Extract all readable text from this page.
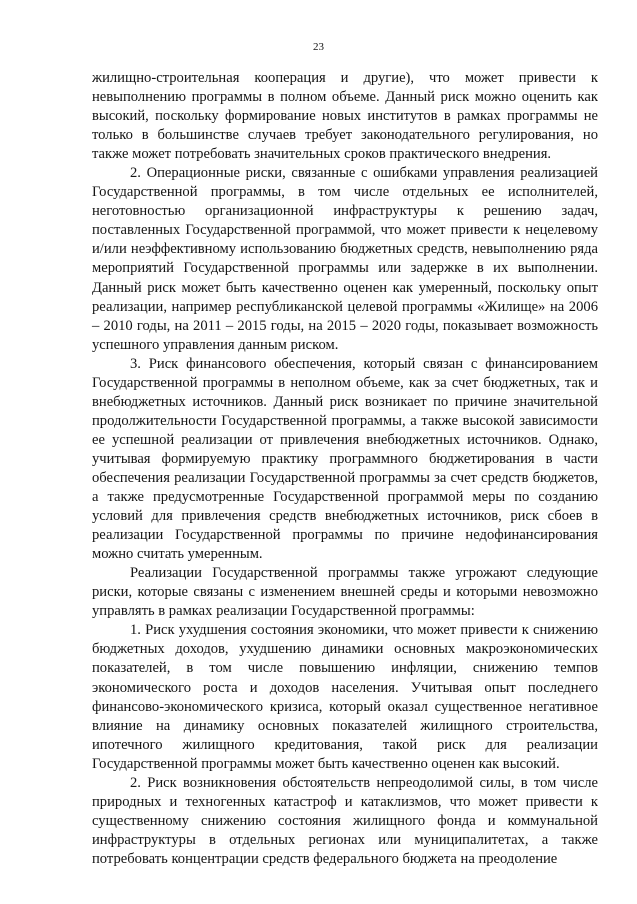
23

жилищно-строительная кооперация и другие), что может привести к невыполнению программы в полном объеме. Данный риск можно оценить как высокий, поскольку формирование новых институтов в рамках программы не только в большинстве случаев требует законодательного регулирования, но также может потребовать значительных сроков практического внедрения.

2. Операционные риски, связанные с ошибками управления реализацией Государственной программы, в том числе отдельных ее исполнителей, неготовностью организационной инфраструктуры к решению задач, поставленных Государственной программой, что может привести к нецелевому и/или неэффективному использованию бюджетных средств, невыполнению ряда мероприятий Государственной программы или задержке в их выполнении. Данный риск может быть качественно оценен как умеренный, поскольку опыт реализации, например республиканской целевой программы «Жилище» на 2006 – 2010 годы, на 2011 – 2015 годы, на 2015 – 2020 годы, показывает возможность успешного управления данным риском.

3. Риск финансового обеспечения, который связан с финансированием Государственной программы в неполном объеме, как за счет бюджетных, так и внебюджетных источников. Данный риск возникает по причине значительной продолжительности Государственной программы, а также высокой зависимости ее успешной реализации от привлечения внебюджетных источников. Однако, учитывая формируемую практику программного бюджетирования в части обеспечения реализации Государственной программы за счет средств бюджетов, а также предусмотренные Государственной программой меры по созданию условий для привлечения средств внебюджетных источников, риск сбоев в реализации Государственной программы по причине недофинансирования можно считать умеренным.

Реализации Государственной программы также угрожают следующие риски, которые связаны с изменением внешней среды и которыми невозможно управлять в рамках реализации Государственной программы:

1. Риск ухудшения состояния экономики, что может привести к снижению бюджетных доходов, ухудшению динамики основных макроэкономических показателей, в том числе повышению инфляции, снижению темпов экономического роста и доходов населения. Учитывая опыт последнего финансово-экономического кризиса, который оказал существенное негативное влияние на динамику основных показателей жилищного строительства, ипотечного жилищного кредитования, такой риск для реализации Государственной программы может быть качественно оценен как высокий.

2. Риск возникновения обстоятельств непреодолимой силы, в том числе природных и техногенных катастроф и катаклизмов, что может привести к существенному снижению состояния жилищного фонда и коммунальной инфраструктуры в отдельных регионах или муниципалитетах, а также потребовать концентрации средств федерального бюджета на преодоление
